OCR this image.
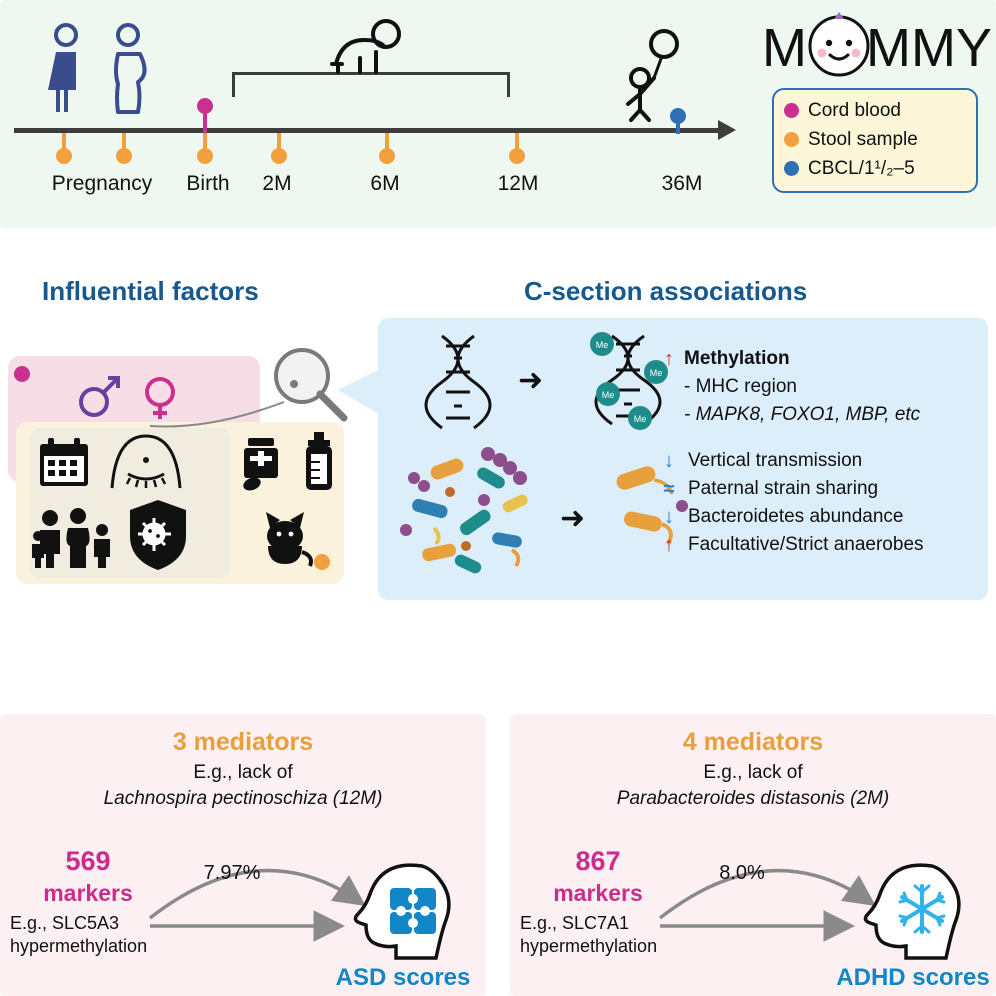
M MMY
Pregnancy	Birth	2M	6M	12M	36M
Cord blood
Stool sample
CBCL/1¹/₂–5
Influential factors	C-section associations
➜
Me
Me
Me
Me
↑ Methylation
- MHC region
- MAPK8, FOXO1, MBP, etc
➜
↓ Vertical transmission
≈ Paternal strain sharing
↓ Bacteroidetes abundance
↑ Facultative/Strict anaerobes
3 mediators
E.g., lack of
Lachnospira pectinoschiza (12M)
569
markers
E.g., SLC5A3
hypermethylation
7.97%
ASD scores
4 mediators
E.g., lack of
Parabacteroides distasonis (2M)
867
markers
E.g., SLC7A1
hypermethylation
8.0%
ADHD scores
